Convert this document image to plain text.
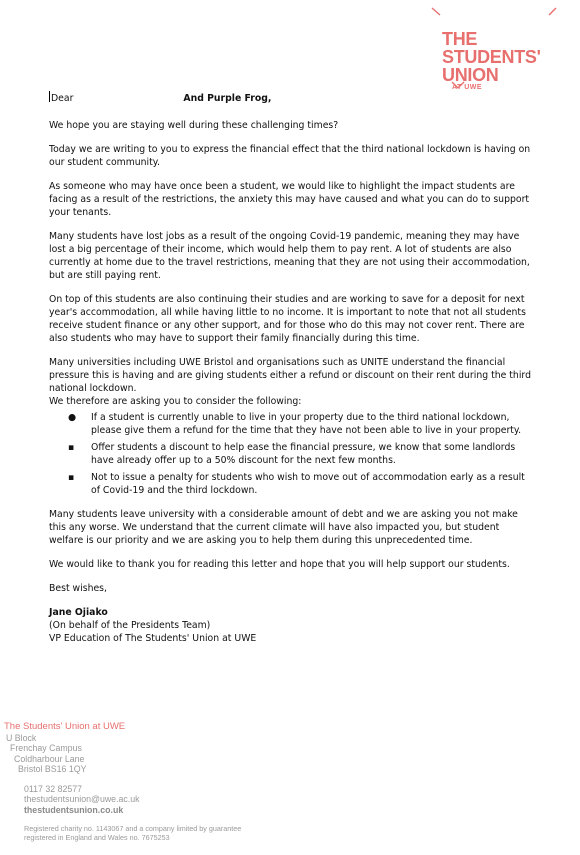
THE STUDENTS'
UNION
AT UWE

Dear	And Purple Frog,

We hope you are staying well during these challenging times?

Today we are writing to you to express the financial effect that the third national lockdown is having on our student community.

As someone who may have once been a student, we would like to highlight the impact students are facing as a result of the restrictions, the anxiety this may have caused and what you can do to support your tenants.

Many students have lost jobs as a result of the ongoing Covid-19 pandemic, meaning they may have lost a big percentage of their income, which would help them to pay rent. A lot of students are also currently at home due to the travel restrictions, meaning that they are not using their accommodation, but are still paying rent.

On top of this students are also continuing their studies and are working to save for a deposit for next year's accommodation, all while having little to no income. It is important to note that not all students receive student finance or any other support, and for those who do this may not cover rent. There are also students who may have to support their family financially during this time.

Many universities including UWE Bristol and organisations such as UNITE understand the financial pressure this is having and are giving students either a refund or discount on their rent during the third national lockdown.

We therefore are asking you to consider the following:

● If a student is currently unable to live in your property due to the third national lockdown, please give them a refund for the time that they have not been able to live in your property.
▪ Offer students a discount to help ease the financial pressure, we know that some landlords have already offer up to a 50% discount for the next few months.
▪ Not to issue a penalty for students who wish to move out of accommodation early as a result of Covid-19 and the third lockdown.

Many students leave university with a considerable amount of debt and we are asking you not make this any worse. We understand that the current climate will have also impacted you, but student welfare is our priority and we are asking you to help them during this unprecedented time.

We would like to thank you for reading this letter and hope that you will help support our students.

Best wishes,

Jane Ojiako

(On behalf of the Presidents Team)

VP Education of The Students' Union at UWE

The Students' Union at UWE
U Block
Frenchay Campus
Coldharbour Lane
Bristol BS16 1QY
0117 32 82577
thestudentsunion@uwe.ac.uk
thestudentsunion.co.uk
Registered charity no. 1143067 and a company limited by guarantee
registered in England and Wales no. 7675253
